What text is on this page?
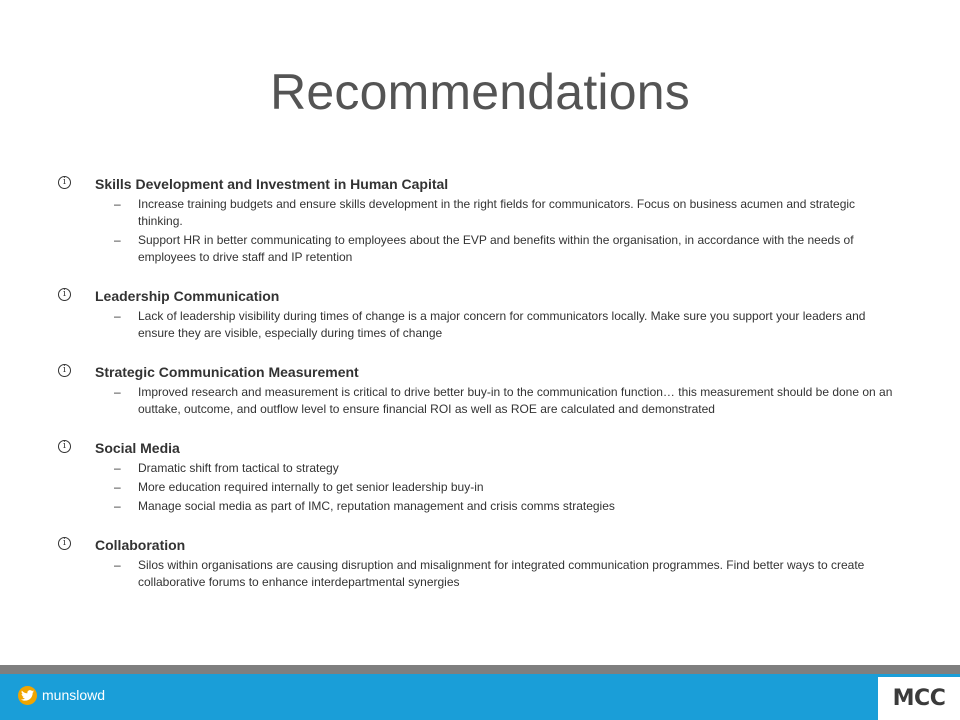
Recommendations
i	Skills Development and Investment in Human Capital
– Increase training budgets and ensure skills development in the right fields for communicators. Focus on business acumen and strategic thinking.
– Support HR in better communicating to employees about the EVP and benefits within the organisation, in accordance with the needs of employees to drive staff and IP retention
i	Leadership Communication
– Lack of leadership visibility during times of change is a major concern for communicators locally. Make sure you support your leaders and ensure they are visible, especially during times of change
i	Strategic Communication Measurement
– Improved research and measurement is critical to drive better buy-in to the communication function… this measurement should be done on an outtake, outcome, and outflow level to ensure financial ROI as well as ROE are calculated and demonstrated
i	Social Media
– Dramatic shift from tactical to strategy
– More education required internally to get senior leadership buy-in
– Manage social media as part of IMC, reputation management and crisis comms strategies
i	Collaboration
– Silos within organisations are causing disruption and misalignment for integrated communication programmes. Find better ways to create collaborative forums to enhance interdepartmental synergies
munslowd	MCC
